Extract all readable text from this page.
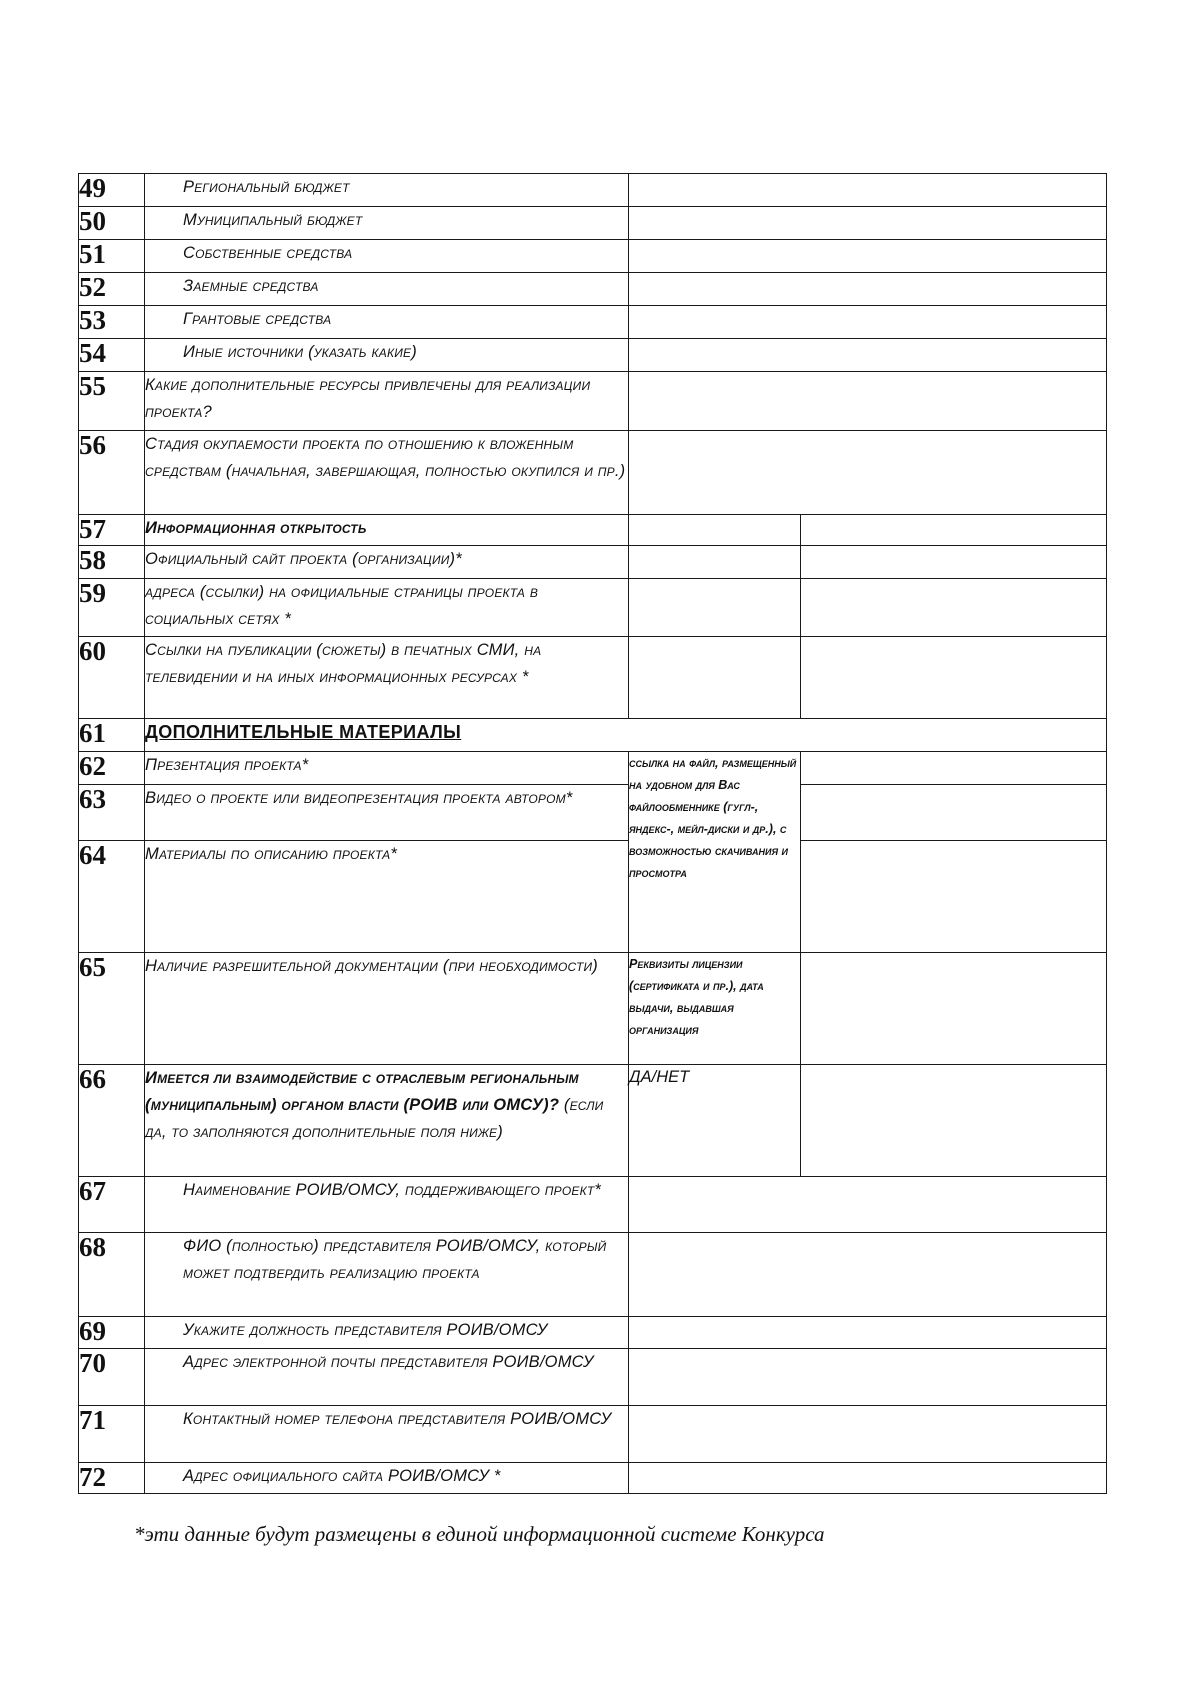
49	Региональный бюджет		
50	Муниципальный бюджет		
51	Собственные средства		
52	Заемные средства		
53	Грантовые средства		
54	Иные источники (указать какие)		
55	Какие дополнительные ресурсы привлечены для реализации проекта?		
56	Стадия окупаемости проекта по отношению к вложенным средствам (начальная, завершающая, полностью окупился и пр.)		
57	Информационная открытость		
58	Официальный сайт проекта (организации)*		
59	адреса (ссылки) на официальные страницы проекта в социальных сетях *		
60	Ссылки на публикации (сюжеты) в печатных СМИ, на телевидении и на иных информационных ресурсах *		
61	ДОПОЛНИТЕЛЬНЫЕ МАТЕРИАЛЫ		
62	Презентация проекта*	ссылка на файл, размещенный на удобном для Вас файлообменнике (гугл-, яндекс-, мейл-диски и др.), с возможностью скачивания и просмотра	
63	Видео о проекте или видеопрезентация проекта автором*		
64	Материалы по описанию проекта*		
65	Наличие разрешительной документации (при необходимости)	Реквизиты лицензии (сертификата и пр.), дата выдачи, выдавшая организация	
66	Имеется ли взаимодействие с отраслевым региональным (муниципальным) органом власти (РОИВ или ОМСУ)? (если да, то заполняются дополнительные поля ниже)	ДА/НЕТ	
67	Наименование РОИВ/ОМСУ, поддерживающего проект*		
68	ФИО (полностью) представителя РОИВ/ОМСУ, который может подтвердить реализацию проекта		
69	Укажите должность представителя РОИВ/ОМСУ		
70	Адрес электронной почты представителя РОИВ/ОМСУ		
71	Контактный номер телефона представителя РОИВ/ОМСУ		
72	Адрес официального сайта РОИВ/ОМСУ *		
*эти данные будут размещены в единой информационной системе Конкурса
